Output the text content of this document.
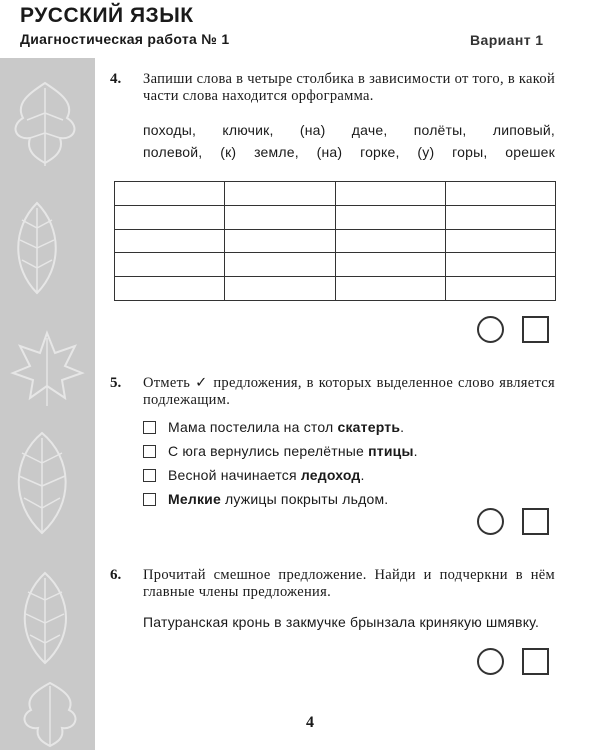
РУССКИЙ ЯЗЫК
Диагностическая работа № 1	Вариант 1
4. Запиши слова в четыре столбика в зависимости от того, в какой части слова находится орфограмма.
походы, ключик, (на) даче, полёты, липовый,
полевой, (к) земле, (на) горке, (у) горы, орешек

5. Отметь ✓ предложения, в которых выделенное слово является подлежащим.
Мама постелила на стол скатерть.
С юга вернулись перелётные птицы.
Весной начинается ледоход.
Мелкие лужицы покрыты льдом.
6. Прочитай смешное предложение. Найди и подчеркни в нём главные члены предложения.
Патуранская кронь в закмучке брынзала кринякую шмявку.
4
